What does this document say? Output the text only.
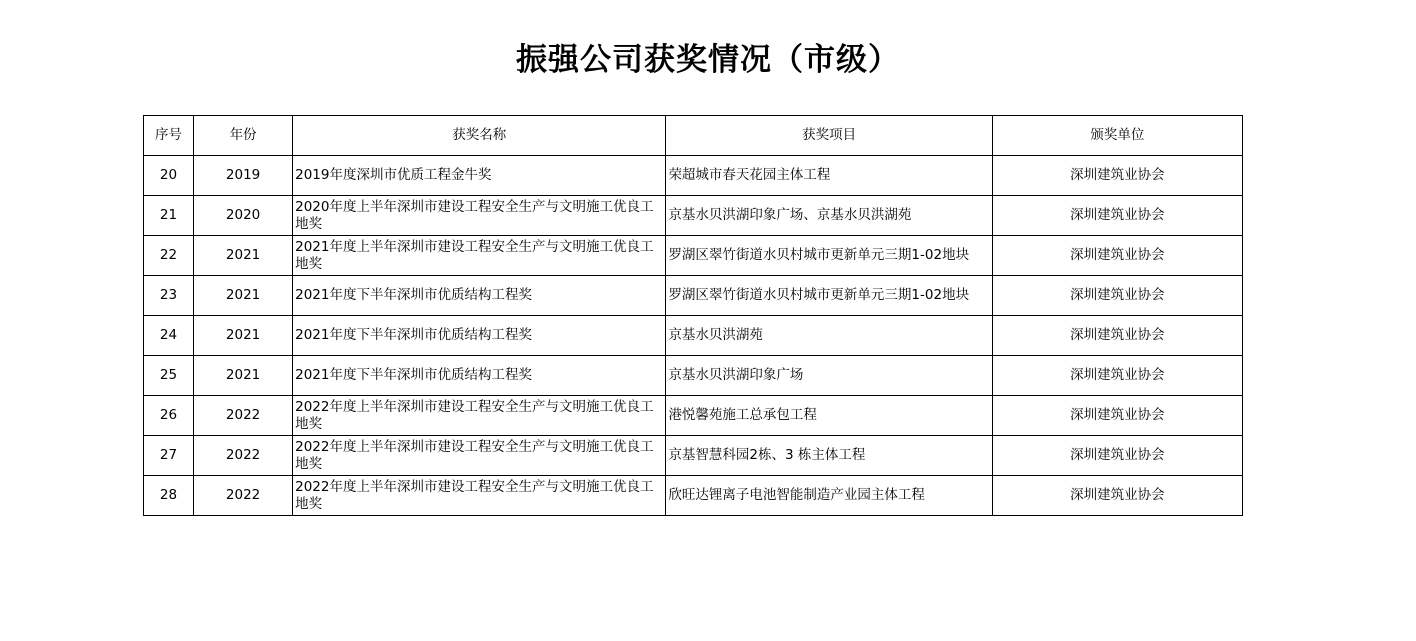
振强公司获奖情况（市级）
序号	年份	获奖名称	获奖项目	颁奖单位
20	2019	2019年度深圳市优质工程金牛奖	荣超城市春天花园主体工程	深圳建筑业协会
21	2020	2020年度上半年深圳市建设工程安全生产与文明施工优良工地奖	京基水贝洪湖印象广场、京基水贝洪湖苑	深圳建筑业协会
22	2021	2021年度上半年深圳市建设工程安全生产与文明施工优良工地奖	罗湖区翠竹街道水贝村城市更新单元三期1-02地块	深圳建筑业协会
23	2021	2021年度下半年深圳市优质结构工程奖	罗湖区翠竹街道水贝村城市更新单元三期1-02地块	深圳建筑业协会
24	2021	2021年度下半年深圳市优质结构工程奖	京基水贝洪湖苑	深圳建筑业协会
25	2021	2021年度下半年深圳市优质结构工程奖	京基水贝洪湖印象广场	深圳建筑业协会
26	2022	2022年度上半年深圳市建设工程安全生产与文明施工优良工地奖	港悦馨苑施工总承包工程	深圳建筑业协会
27	2022	2022年度上半年深圳市建设工程安全生产与文明施工优良工地奖	京基智慧科园2栋、3 栋主体工程	深圳建筑业协会
28	2022	2022年度上半年深圳市建设工程安全生产与文明施工优良工地奖	欣旺达锂离子电池智能制造产业园主体工程	深圳建筑业协会
